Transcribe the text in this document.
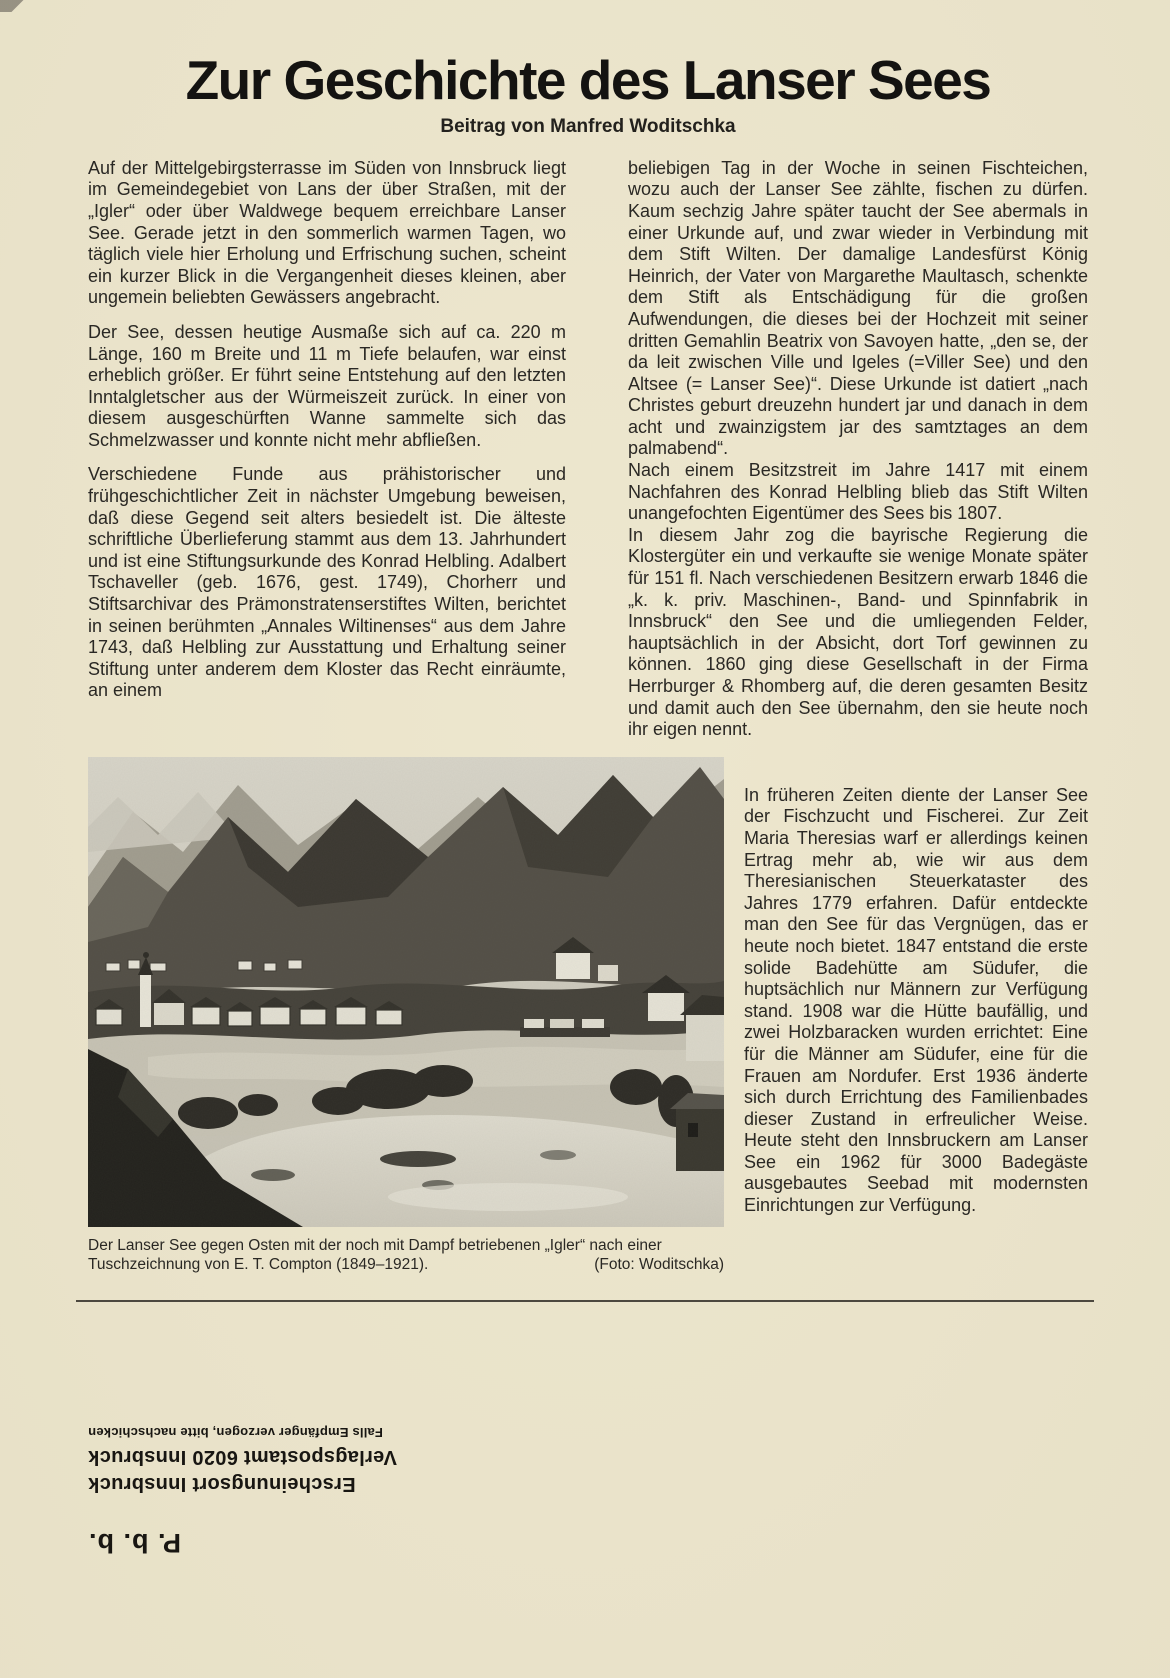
Zur Geschichte des Lanser Sees
Beitrag von Manfred Woditschka

Auf der Mittelgebirgsterrasse im Süden von Innsbruck liegt im Gemeindegebiet von Lans der über Straßen, mit der „Igler“ oder über Waldwege bequem erreichbare Lanser See. Gerade jetzt in den sommerlich warmen Tagen, wo täglich viele hier Erholung und Erfrischung suchen, scheint ein kurzer Blick in die Vergangenheit dieses kleinen, aber ungemein beliebten Gewässers angebracht.

Der See, dessen heutige Ausmaße sich auf ca. 220 m Länge, 160 m Breite und 11 m Tiefe belaufen, war einst erheblich größer. Er führt seine Entstehung auf den letzten Inntalgletscher aus der Würmeiszeit zurück. In einer von diesem ausgeschürften Wanne sammelte sich das Schmelzwasser und konnte nicht mehr abfließen.

Verschiedene Funde aus prähistorischer und frühgeschichtlicher Zeit in nächster Umgebung beweisen, daß diese Gegend seit alters besiedelt ist. Die älteste schriftliche Überlieferung stammt aus dem 13. Jahrhundert und ist eine Stiftungsurkunde des Konrad Helbling. Adalbert Tschaveller (geb. 1676, gest. 1749), Chorherr und Stiftsarchivar des Prämonstratenserstiftes Wilten, berichtet in seinen berühmten „Annales Wiltinenses“ aus dem Jahre 1743, daß Helbling zur Ausstattung und Erhaltung seiner Stiftung unter anderem dem Kloster das Recht einräumte, an einem

beliebigen Tag in der Woche in seinen Fischteichen, wozu auch der Lanser See zählte, fischen zu dürfen. Kaum sechzig Jahre später taucht der See abermals in einer Urkunde auf, und zwar wieder in Verbindung mit dem Stift Wilten. Der damalige Landesfürst König Heinrich, der Vater von Margarethe Maultasch, schenkte dem Stift als Entschädigung für die großen Aufwendungen, die dieses bei der Hochzeit mit seiner dritten Gemahlin Beatrix von Savoyen hatte, „den se, der da leit zwischen Ville und Igeles (=Viller See) und den Altsee (= Lanser See)“. Diese Urkunde ist datiert „nach Christes geburt dreuzehn hundert jar und danach in dem acht und zwainzigstem jar des samtztages an dem palmabend“.

Nach einem Besitzstreit im Jahre 1417 mit einem Nachfahren des Konrad Helbling blieb das Stift Wilten unangefochten Eigentümer des Sees bis 1807.

In diesem Jahr zog die bayrische Regierung die Klostergüter ein und verkaufte sie wenige Monate später für 151 fl. Nach verschiedenen Besitzern erwarb 1846 die „k. k. priv. Maschinen-, Band- und Spinnfabrik in Innsbruck“ den See und die umliegenden Felder, hauptsächlich in der Absicht, dort Torf gewinnen zu können. 1860 ging diese Gesellschaft in der Firma Herrburger & Rhomberg auf, die deren gesamten Besitz und damit auch den See übernahm, den sie heute noch ihr eigen nennt.

Der Lanser See gegen Osten mit der noch mit Dampf betriebenen „Igler“ nach einer Tuschzeichnung von E. T. Compton (1849–1921).	(Foto: Woditschka)

In früheren Zeiten diente der Lanser See der Fischzucht und Fischerei. Zur Zeit Maria Theresias warf er allerdings keinen Ertrag mehr ab, wie wir aus dem Theresianischen Steuerkataster des Jahres 1779 erfahren. Dafür entdeckte man den See für das Vergnügen, das er heute noch bietet. 1847 entstand die erste solide Badehütte am Südufer, die huptsächlich nur Männern zur Verfügung stand. 1908 war die Hütte baufällig, und zwei Holzbaracken wurden errichtet: Eine für die Männer am Südufer, eine für die Frauen am Nordufer. Erst 1936 änderte sich durch Errichtung des Familienbades dieser Zustand in erfreulicher Weise. Heute steht den Innsbruckern am Lanser See ein 1962 für 3000 Badegäste ausgebautes Seebad mit modernsten Einrichtungen zur Verfügung.

P. b. b.
Erscheinungsort Innsbruck
Verlagspostamt 6020 Innsbruck
Falls Empfänger verzogen, bitte nachschicken
